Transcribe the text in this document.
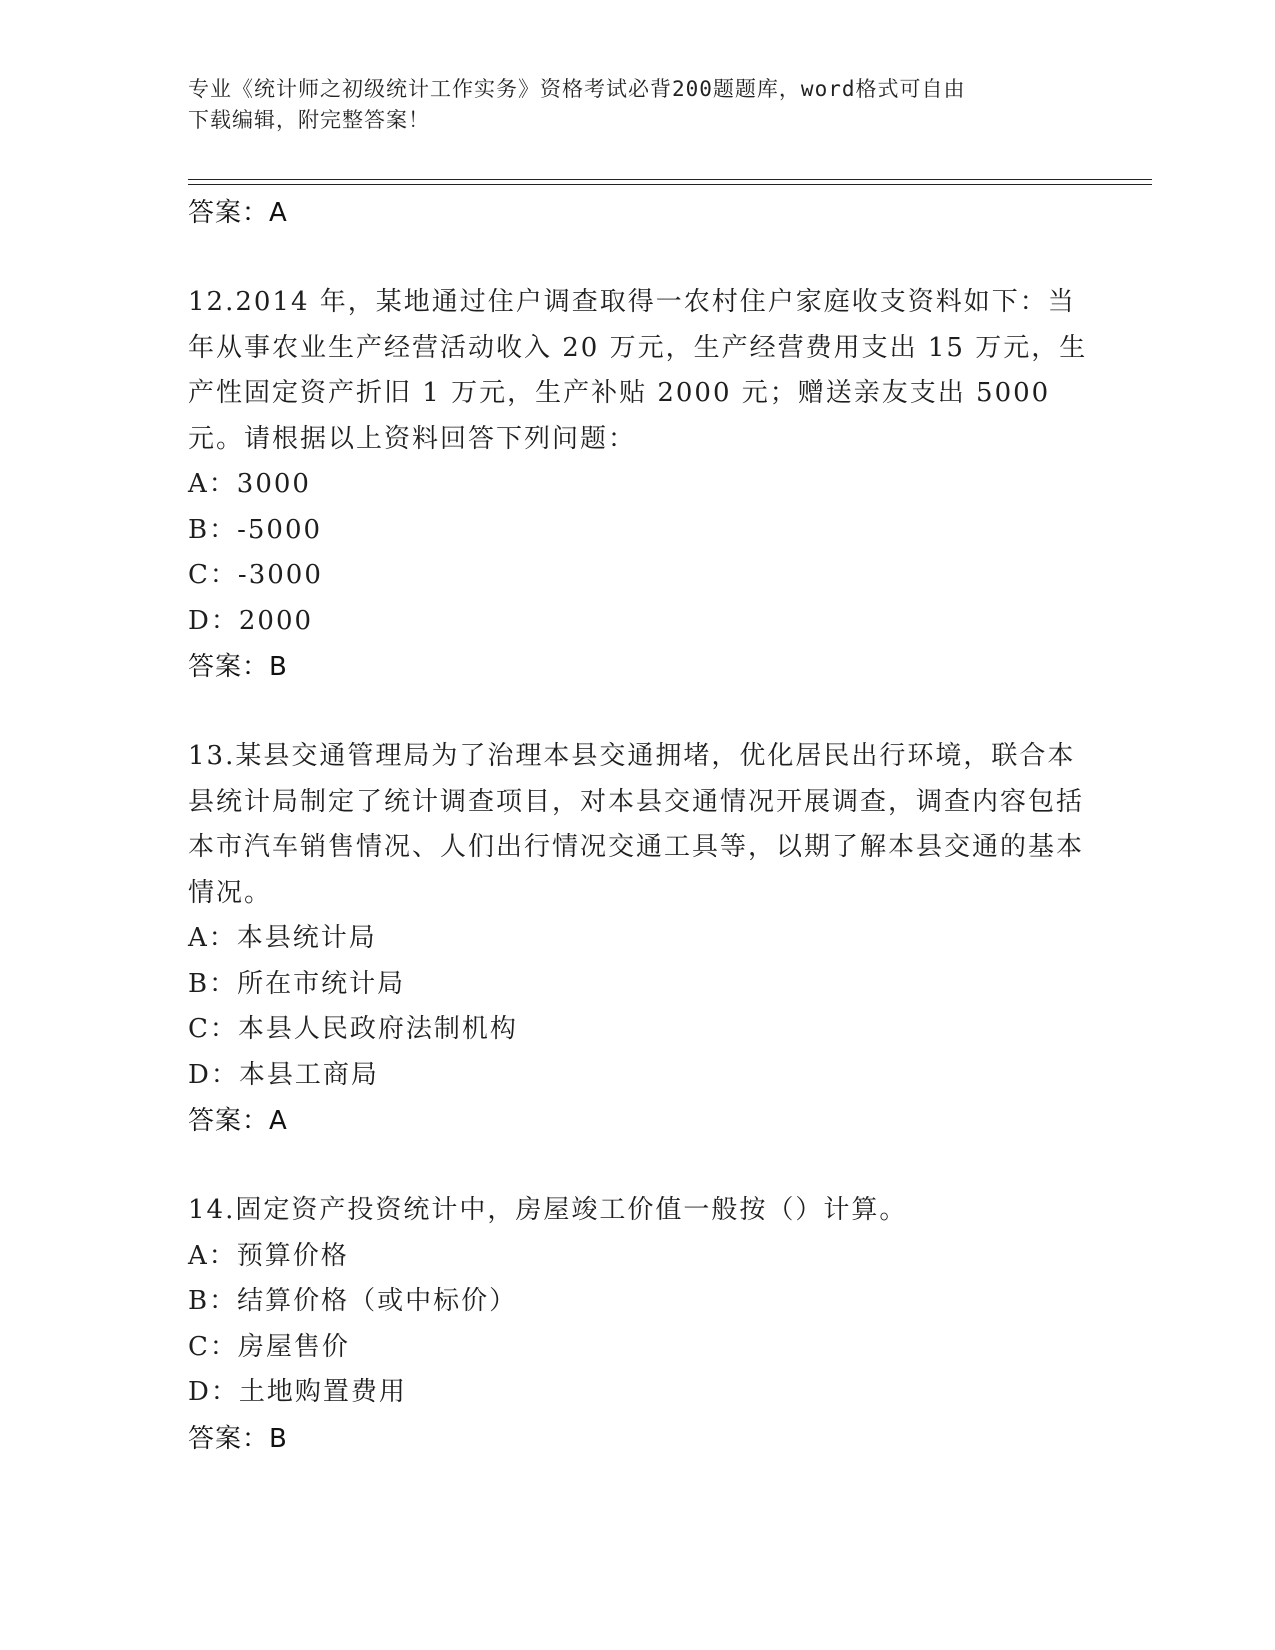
专业《统计师之初级统计工作实务》资格考试必背200题题库，word格式可自由
下载编辑，附完整答案！
答案：A
12.2014 年，某地通过住户调查取得一农村住户家庭收支资料如下：当年从事农业生产经营活动收入 20 万元，生产经营费用支出 15 万元，生产性固定资产折旧 1 万元，生产补贴 2000 元；赠送亲友支出 5000 元。请根据以上资料回答下列问题：
A：3000
B：-5000
C：-3000
D：2000
答案：B
13.某县交通管理局为了治理本县交通拥堵，优化居民出行环境，联合本县统计局制定了统计调查项目，对本县交通情况开展调查，调查内容包括本市汽车销售情况、人们出行情况交通工具等，以期了解本县交通的基本情况。
A：本县统计局
B：所在市统计局
C：本县人民政府法制机构
D：本县工商局
答案：A
14.固定资产投资统计中，房屋竣工价值一般按（）计算。
A：预算价格
B：结算价格（或中标价）
C：房屋售价
D：土地购置费用
答案：B
